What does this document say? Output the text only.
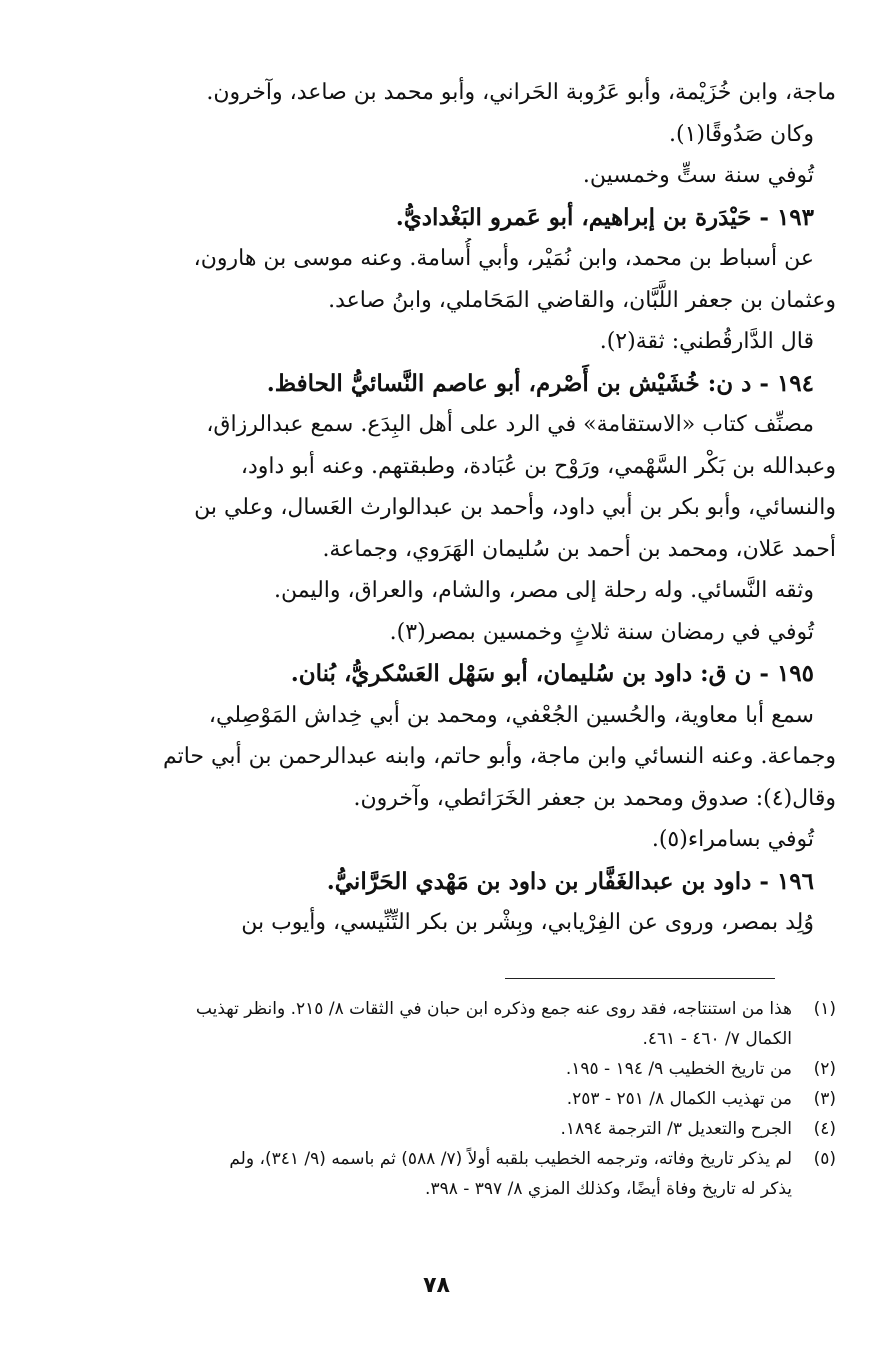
ماجة، وابن خُزَيْمة، وأبو عَرُوبة الحَراني، وأبو محمد بن صاعد، وآخرون.
وكان صَدُوقًا(١).

تُوفي سنة ستٍّ وخمسين.

١٩٣ - حَيْدَرة بن إبراهيم، أبو عَمرو البَغْداديُّ.

عن أسباط بن محمد، وابن نُمَيْر، وأبي أُسامة. وعنه موسى بن هارون،
وعثمان بن جعفر اللَّبَّان، والقاضي المَحَاملي، وابنُ صاعد.

قال الدَّارقُطني: ثقة(٢).

١٩٤ - د ن: خُشَيْش بن أَصْرم، أبو عاصم النَّسائيُّ الحافظ.

مصنِّف كتاب «الاستقامة» في الرد على أهل البِدَع. سمع عبدالرزاق،
وعبدالله بن بَكْر السَّهْمي، ورَوْح بن عُبَادة، وطبقتهم. وعنه أبو داود،
والنسائي، وأبو بكر بن أبي داود، وأحمد بن عبدالوارث العَسال، وعلي بن
أحمد عَلان، ومحمد بن أحمد بن سُليمان الهَرَوي، وجماعة.

وثقه النَّسائي. وله رحلة إلى مصر، والشام، والعراق، واليمن.

تُوفي في رمضان سنة ثلاثٍ وخمسين بمصر(٣).

١٩٥ - ن ق: داود بن سُليمان، أبو سَهْل العَسْكريُّ، بُنان.

سمع أبا معاوية، والحُسين الجُعْفي، ومحمد بن أبي خِداش المَوْصِلي،
وجماعة. وعنه النسائي وابن ماجة، وأبو حاتم، وابنه عبدالرحمن بن أبي حاتم
وقال(٤): صدوق ومحمد بن جعفر الخَرَائطي، وآخرون.

تُوفي بسامراء(٥).

١٩٦ - داود بن عبدالغَفَّار بن داود بن مَهْدي الحَرَّانيُّ.

وُلِد بمصر، وروى عن الفِرْيابي، وبِشْر بن بكر التِّنِّيسي، وأيوب بن

(١)
هذا من استنتاجه، فقد روى عنه جمع وذكره ابن حبان في الثقات ٨/ ٢١٥. وانظر تهذيب
الكمال ٧/ ٤٦٠ - ٤٦١.
(٢)
من تاريخ الخطيب ٩/ ١٩٤ - ١٩٥.
(٣)
من تهذيب الكمال ٨/ ٢٥١ - ٢٥٣.
(٤)
الجرح والتعديل ٣/ الترجمة ١٨٩٤.
(٥)
لم يذكر تاريخ وفاته، وترجمه الخطيب بلقبه أولاً (٧/ ٥٨٨) ثم باسمه (٩/ ٣٤١)، ولم
يذكر له تاريخ وفاة أيضًا، وكذلك المزي ٨/ ٣٩٧ - ٣٩٨.
٧٨
